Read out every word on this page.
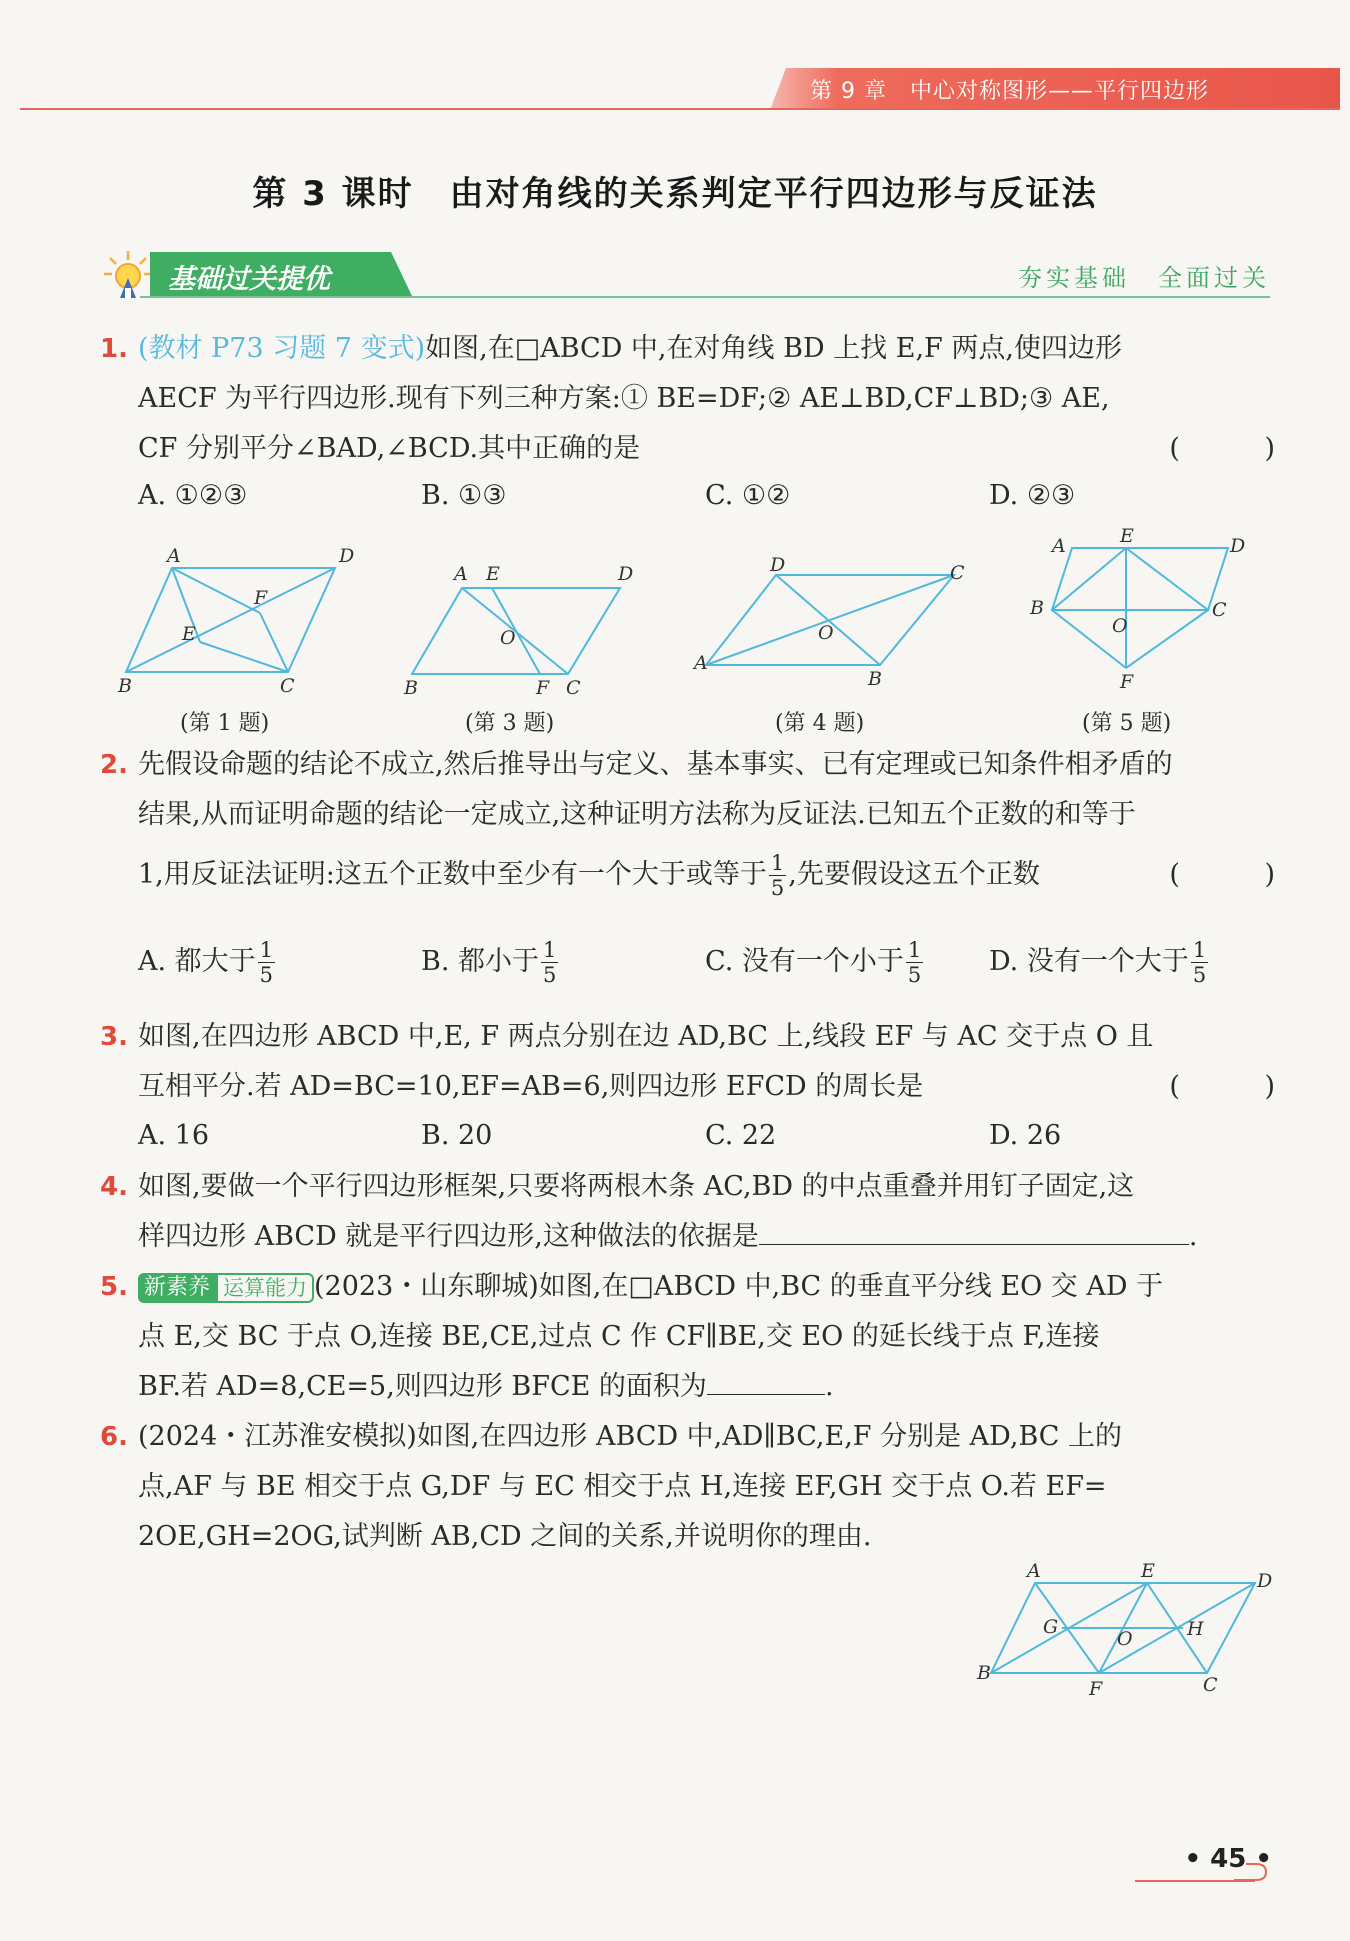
第 9 章　中心对称图形——平行四边形
第 3 课时　由对角线的关系判定平行四边形与反证法
基础过关提优	夯实基础　全面过关
1. (教材 P73 习题 7 变式)如图,在□ABCD 中,在对角线 BD 上找 E,F 两点,使四边形
AECF 为平行四边形.现有下列三种方案:① BE=DF;② AE⊥BD,CF⊥BD;③ AE,
CF 分别平分∠BAD,∠BCD.其中正确的是	( )
A. ①②③	B. ①③	C. ①②	D. ②③
A	D
F
E
B	C
(第 1 题)
A E	D
O
B	F C
(第 3 题)
D	C
O
A
B
(第 4 题)
A	E	D
B
O
C
F
(第 5 题)
2. 先假设命题的结论不成立,然后推导出与定义、基本事实、已有定理或已知条件相矛盾的
结果,从而证明命题的结论一定成立,这种证明方法称为反证法.已知五个正数的和等于
1,用反证法证明:这五个正数中至少有一个大于或等于 $\frac{1}{5}$ ,先要假设这五个正数	( )
A. 都大于 $\frac{1}{5}$	B. 都小于 $\frac{1}{5}$	C. 没有一个小于 $\frac{1}{5} D$. 没有一个大于 $\frac{1}{5}$
3. 如图,在四边形 ABCD 中,E, F 两点分别在边 AD,BC 上,线段 EF 与 AC 交于点 O 且
互相平分.若 AD=BC=10,EF=AB=6,则四边形 EFCD 的周长是	( )
A. 16	B. 20	C. 22	D. 26
4. 如图,要做一个平行四边形框架,只要将两根木条 AC,BD 的中点重叠并用钉子固定,这
样四边形 ABCD 就是平行四边形,这种做法的依据是	.
5. 新素养 运算能力 (2023・山东聊城)如图,在□ABCD 中,BC 的垂直平分线 EO 交 AD 于
点 E,交 BC 于点 O,连接 BE,CE,过点 C 作 CF∥BE,交 EO 的延长线于点 F,连接
BF.若 AD=8,CE=5,则四边形 BFCE 的面积为	.
6. (2024・江苏淮安模拟)如图,在四边形 ABCD 中,AD∥BC,E,F 分别是 AD,BC 上的
点,AF 与 BE 相交于点 G,DF 与 EC 相交于点 H,连接 EF,GH 交于点 O.若 EF=
2OE,GH=2OG,试判断 AB,CD 之间的关系,并说明你的理由.
A	E	D
G
O	H
B
F	C
• 45 •
